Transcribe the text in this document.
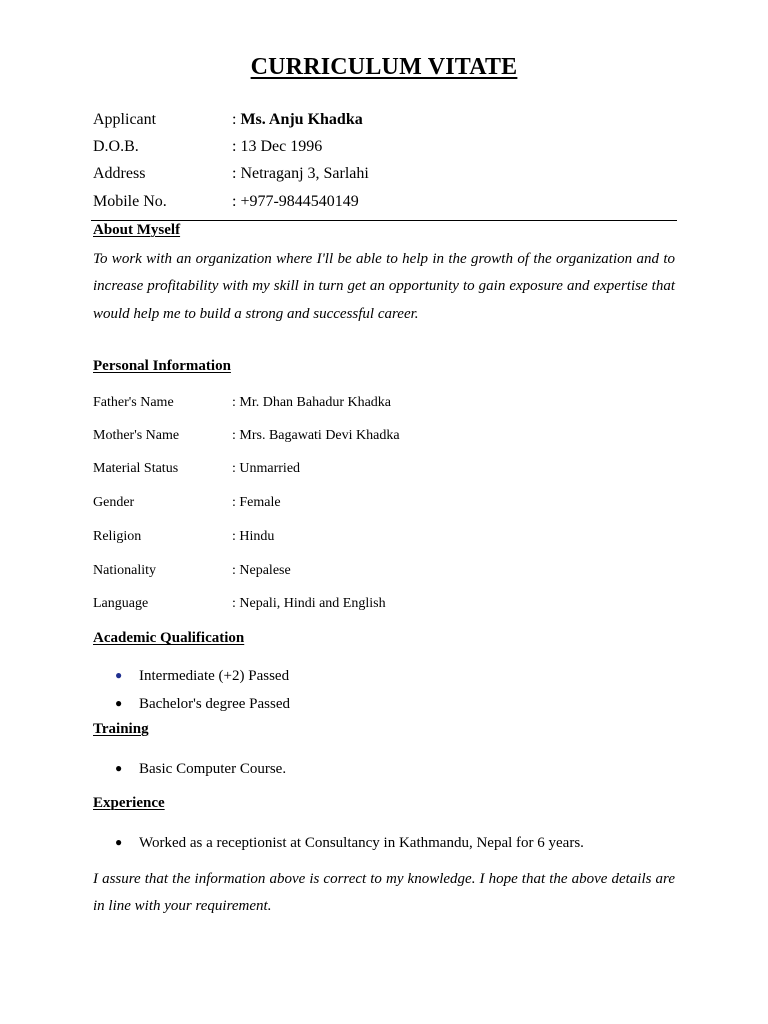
CURRICULUM VITATE
Applicant	: Ms. Anju Khadka
D.O.B.	: 13 Dec 1996
Address	: Netraganj 3, Sarlahi
Mobile No.	: +977-9844540149
About Myself
To work with an organization where I'll be able to help in the growth of the organization and to increase profitability with my skill in turn get an opportunity to gain exposure and expertise that would help me to build a strong and successful career.
Personal Information
Father's Name	: Mr. Dhan Bahadur Khadka
Mother's Name	: Mrs. Bagawati Devi Khadka
Material Status	: Unmarried
Gender	: Female
Religion	: Hindu
Nationality	: Nepalese
Language	: Nepali, Hindi and English
Academic Qualification
● Intermediate (+2) Passed
● Bachelor's degree Passed
Training
● Basic Computer Course.
Experience
● Worked as a receptionist at Consultancy in Kathmandu, Nepal for 6 years.
I assure that the information above is correct to my knowledge. I hope that the above details are in line with your requirement.
